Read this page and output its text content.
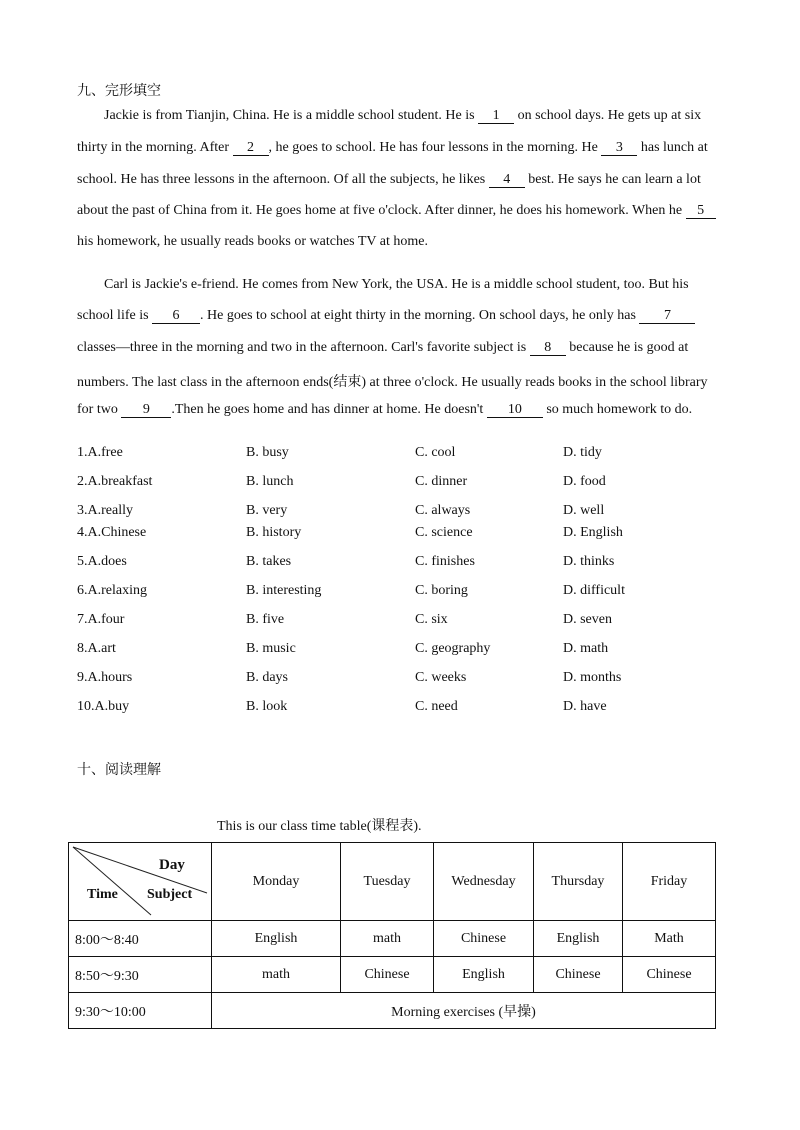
九、完形填空
Jackie is from Tianjin, China. He is a middle school student. He is 1 on school days. He gets up at six
thirty in the morning. After 2 , he goes to school. He has four lessons in the morning. He 3 has lunch at
school. He has three lessons in the afternoon. Of all the subjects, he likes 4 best. He says he can learn a lot
about the past of China from it. He goes home at five o'clock. After dinner, he does his homework. When he 5
his homework, he usually reads books or watches TV at home.
Carl is Jackie's e-friend. He comes from New York, the USA. He is a middle school student, too. But his
school life is 6 . He goes to school at eight thirty in the morning. On school days, he only has 7
classes—three in the morning and two in the afternoon. Carl's favorite subject is 8 because he is good at
numbers. The last class in the afternoon ends(结束) at three o'clock. He usually reads books in the school library
for two 9 .Then he goes home and has dinner at home. He doesn't 10 so much homework to do.
1.A.free	B. busy	C. cool	D. tidy
2.A.breakfast	B. lunch	C. dinner	D. food
3.A.really	B. very	C. always	D. well
4.A.Chinese	B. history	C. science	D. English
5.A.does	B. takes	C. finishes	D. thinks
6.A.relaxing	B. interesting	C. boring	D. difficult
7.A.four	B. five	C. six	D. seven
8.A.art	B. music	C. geography	D. math
9.A.hours	B. days	C. weeks	D. months
10.A.buy	B. look	C. need	D. have
十、阅读理解
This is our class time table(课程表).
Day
Subject
Time	Monday	Tuesday	Wednesday	Thursday	Friday
8:00～8:40	English	math	Chinese	English	Math
8:50～9:30	math	Chinese	English	Chinese	Chinese
9:30～10:00	Morning exercises (早操)				
